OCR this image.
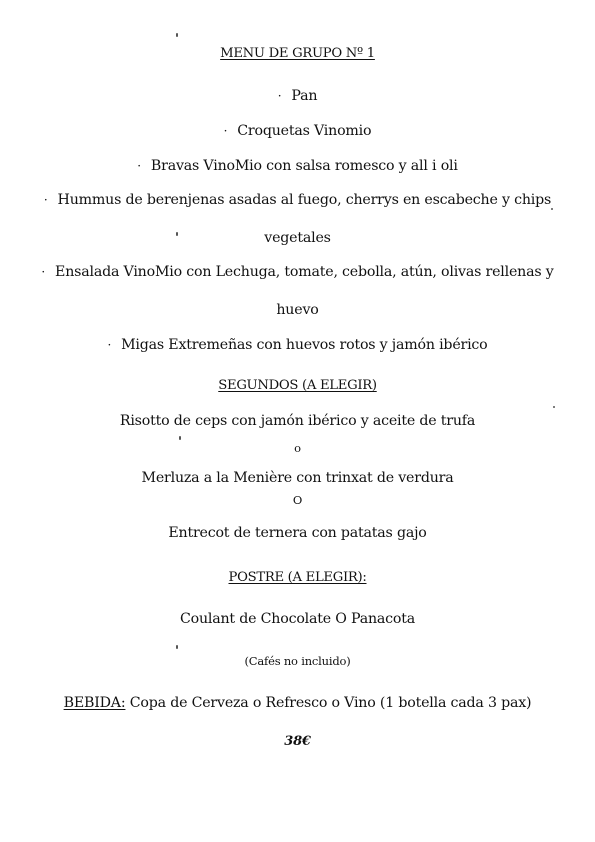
MENU DE GRUPO Nº 1
· Pan
· Croquetas Vinomio
· Bravas VinoMio con salsa romesco y all i oli
· Hummus de berenjenas asadas al fuego, cherrys en escabeche y chips
vegetales
· Ensalada VinoMio con Lechuga, tomate, cebolla, atún, olivas rellenas y
huevo
· Migas Extremeñas con huevos rotos y jamón ibérico
SEGUNDOS (A ELEGIR)
Risotto de ceps con jamón ibérico y aceite de trufa
o
Merluza a la Menière con trinxat de verdura
O
Entrecot de ternera con patatas gajo
POSTRE (A ELEGIR):
Coulant de Chocolate O Panacota
(Cafés no incluido)
BEBIDA: Copa de Cerveza o Refresco o Vino (1 botella cada 3 pax)
38€
